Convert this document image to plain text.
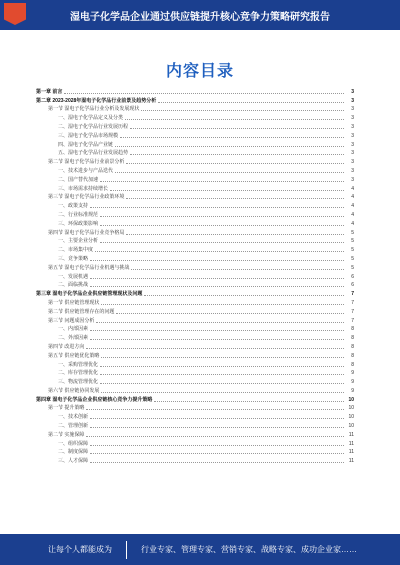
湿电子化学品企业通过供应链提升核心竞争力策略研究报告
内容目录
第一章 前言	3
第二章 2023-2028年湿电子化学品行业前景及趋势分析	3
第一节 湿电子化学品行业分析及发展现状	3
一、湿电子化学品定义及分类	3
二、湿电子化学品行业发展历程	3
三、湿电子化学品市场规模	3
四、湿电子化学品产业链	3
五、湿电子化学品行业发展趋势	3
第二节 湿电子化学品行业前景分析	3
一、技术进步与产品迭代	3
二、国产替代加速	3
三、市场需求持续增长	4
第三节 湿电子化学品行业政策环境	4
一、政策支持	4
二、行业标准规范	4
三、环保政策影响	4
第四节 湿电子化学品行业竞争格局	5
一、主要企业分析	5
二、市场集中度	5
三、竞争策略	5
第五节 湿电子化学品行业机遇与挑战	5
一、发展机遇	6
二、面临挑战	6
第三章 湿电子化学品企业供应链管理现状及问题	7
第一节 供应链管理现状	7
第二节 供应链管理存在的问题	7
第三节 问题成因分析	7
一、内部因素	8
二、外部因素	8
第四节 改进方向	8
第五节 供应链优化策略	8
一、采购管理优化	8
二、库存管理优化	9
三、物流管理优化	9
第六节 供应链协同发展	9
第四章 湿电子化学品企业供应链核心竞争力提升策略	10
第一节 提升策略	10
一、技术创新	10
二、管理创新	10
第二节 实施保障	11
一、组织保障	11
二、制度保障	11
三、人才保障	11
让每个人都能成为	行业专家、管理专家、营销专家、战略专家、成功企业家……
